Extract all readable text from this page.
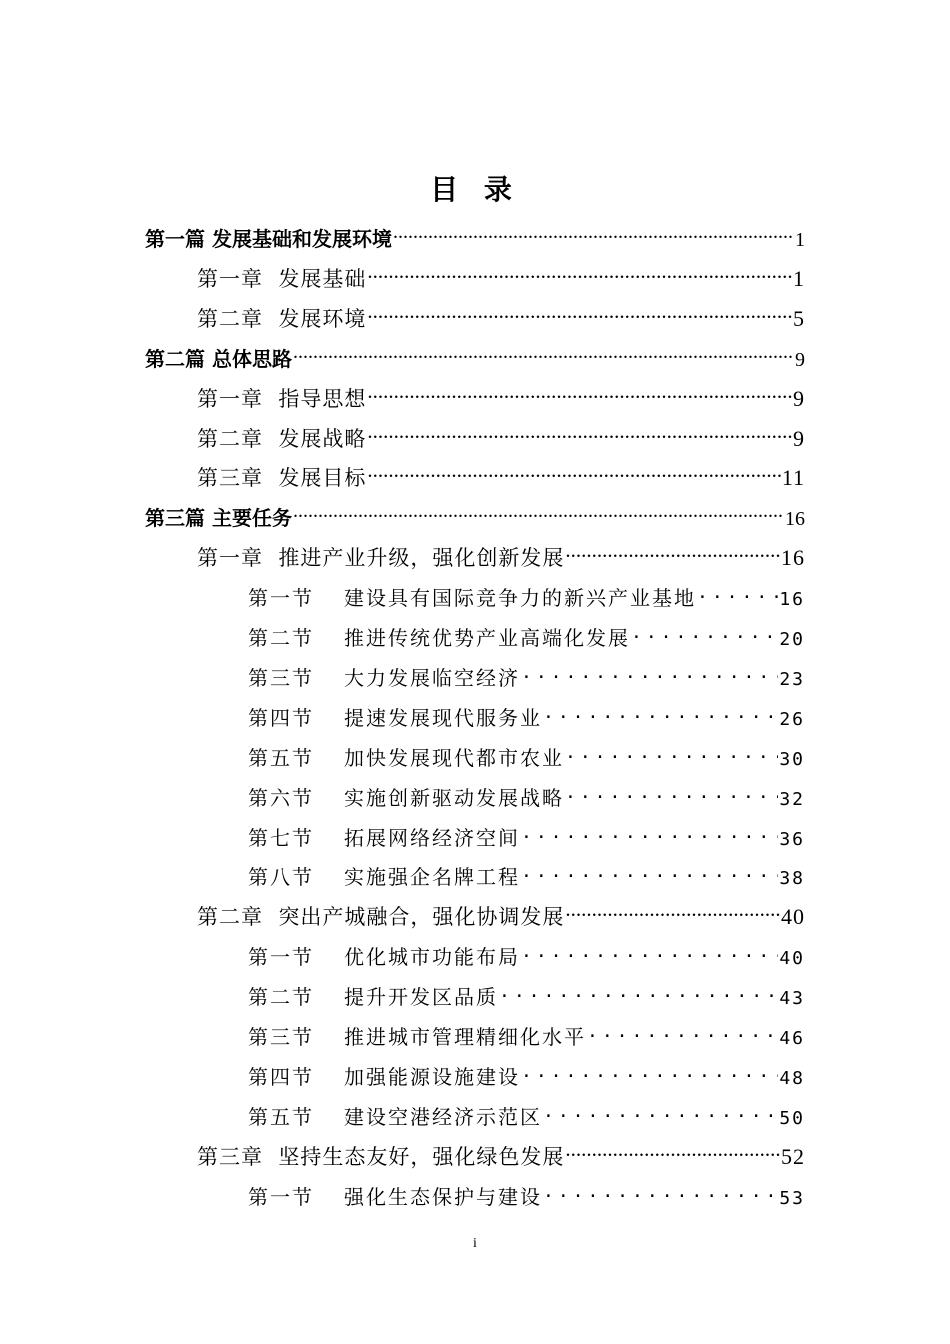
目 录
第一篇 发展基础和发展环境 .....	1
第一章 发展基础 .....	1
第二章 发展环境 .....	5
第二篇 总体思路 .....	9
第一章 指导思想 .....	9
第二章 发展战略 .....	9
第三章 发展目标 .....	11
第三篇 主要任务 .....	16
第一章 推进产业升级，强化创新发展 .....	16
第一节 建设具有国际竞争力的新兴产业基地 .....	16
第二节 推进传统优势产业高端化发展 .....	20
第三节 大力发展临空经济 .....	23
第四节 提速发展现代服务业 .....	26
第五节 加快发展现代都市农业 .....	30
第六节 实施创新驱动发展战略 .....	32
第七节 拓展网络经济空间 .....	36
第八节 实施强企名牌工程 .....	38
第二章 突出产城融合，强化协调发展 .....	40
第一节 优化城市功能布局 .....	40
第二节 提升开发区品质 .....	43
第三节 推进城市管理精细化水平 .....	46
第四节 加强能源设施建设 .....	48
第五节 建设空港经济示范区 .....	50
第三章 坚持生态友好，强化绿色发展 .....	52
第一节 强化生态保护与建设 .....	53
i
